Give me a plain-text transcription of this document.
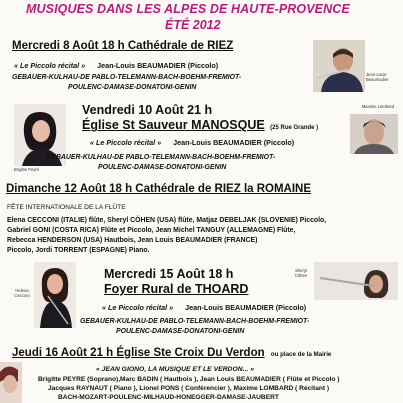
MUSIQUES DANS LES ALPES DE HAUTE-PROVENCE
ÉTÉ 2012
Mercredi 8 Août 18 h Cathédrale de RIEZ
« Le Piccolo récital » Jean-Louis BEAUMADIER (Piccolo)
GEBAUER-KULHAU-DE PABLO-TELEMANN-BACH-BOEHM-FREMIOT-
POULENC-DAMASE-DONATONI-GENIN
Jean-Louis Beaumadier
Brigitte Peyré
Vendredi 10 Août 21 h
Église St Sauveur MANOSQUE (25 Rue Grande )
« Le Piccolo récital » Jean-Louis BEAUMADIER (Piccolo)
GEBAUER-KULHAU-DE PABLO-TELEMANN-BACH-BOEHM-FREMIOT-
POULENC-DAMASE-DONATONI-GENIN
Maxime Lombard
Dimanche 12 Août 18 h Cathédrale de RIEZ la ROMAINE
FÊTE INTERNATIONALE DE LA FLÛTE
Elena CECCONI (ITALIE) flûte, Sheryl CÖHEN (USA) flûte, Matjaz DEBELJAK (SLOVENIE) Piccolo,
Gabriel GONI (COSTA RICA) Flûte et Piccolo, Jean Michel TANGUY (ALLEMAGNE) Flûte,
Rebecca HENDERSON (USA) Hautbois, Jean Louis BEAUMADIER (FRANCE)
Piccolo, Jordi TORRENT (ESPAGNE) Piano.
Helena Cecconi
Mercredi 15 Août 18 h
Foyer Rural de THOARD
« Le Piccolo récital » Jean-Louis BEAUMADIER (Piccolo)
GEBAUER-KULHAU-DE PABLO-TELEMANN-BACH-BOEHM-FREMIOT-
POULENC-DAMASE-DONATONI-GENIN
Sheryl Cöhen
Jeudi 16 Août 21 h Église Ste Croix Du Verdon ou place de la Mairie
« JEAN GIONO, LA MUSIQUE ET LE VERDON... »
Brigitte PEYRE (Soprano),Marc BADIN ( Hautbois ), Jean Louis BEAUMADIER ( Flûte et Piccolo )
Jacques RAYNAUT ( Piano ), Lionel PONS ( Conférencier ), Maxime LOMBARD ( Récitant )
BACH-MOZART-POULENC-MILHAUD-HONEGGER-DAMASE-JAUBERT
